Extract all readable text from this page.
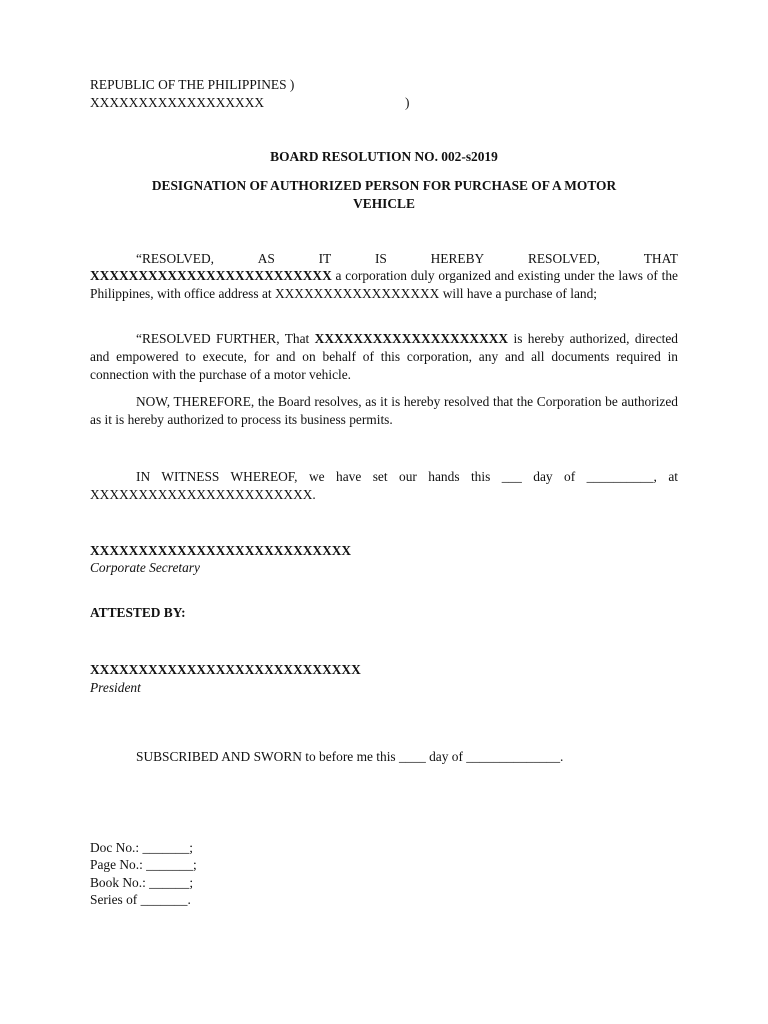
REPUBLIC OF THE PHILIPPINES )
XXXXXXXXXXXXXXXXXX	)
BOARD RESOLUTION NO. 002-s2019
DESIGNATION OF AUTHORIZED PERSON FOR PURCHASE OF A MOTOR
VEHICLE
“RESOLVED,	AS	IT	IS	HEREBY	RESOLVED,	THAT

XXXXXXXXXXXXXXXXXXXXXXXXX a corporation duly organized and existing under the laws of the Philippines, with office address at XXXXXXXXXXXXXXXXX will have a purchase of land;

“RESOLVED FURTHER, That XXXXXXXXXXXXXXXXXXXX is hereby authorized, directed and empowered to execute, for and on behalf of this corporation, any and all documents required in connection with the purchase of a motor vehicle.

NOW, THEREFORE, the Board resolves, as it is hereby resolved that the Corporation be authorized as it is hereby authorized to process its business permits.

IN WITNESS WHEREOF, we have set our hands this ___ day of __________, at XXXXXXXXXXXXXXXXXXXXXXX.

XXXXXXXXXXXXXXXXXXXXXXXXXXX
Corporate Secretary
ATTESTED BY:
XXXXXXXXXXXXXXXXXXXXXXXXXXXX
President
SUBSCRIBED AND SWORN to before me this ____ day of ______________.
Doc No.: _______;
Page No.: _______;
Book No.: ______;
Series of _______.
